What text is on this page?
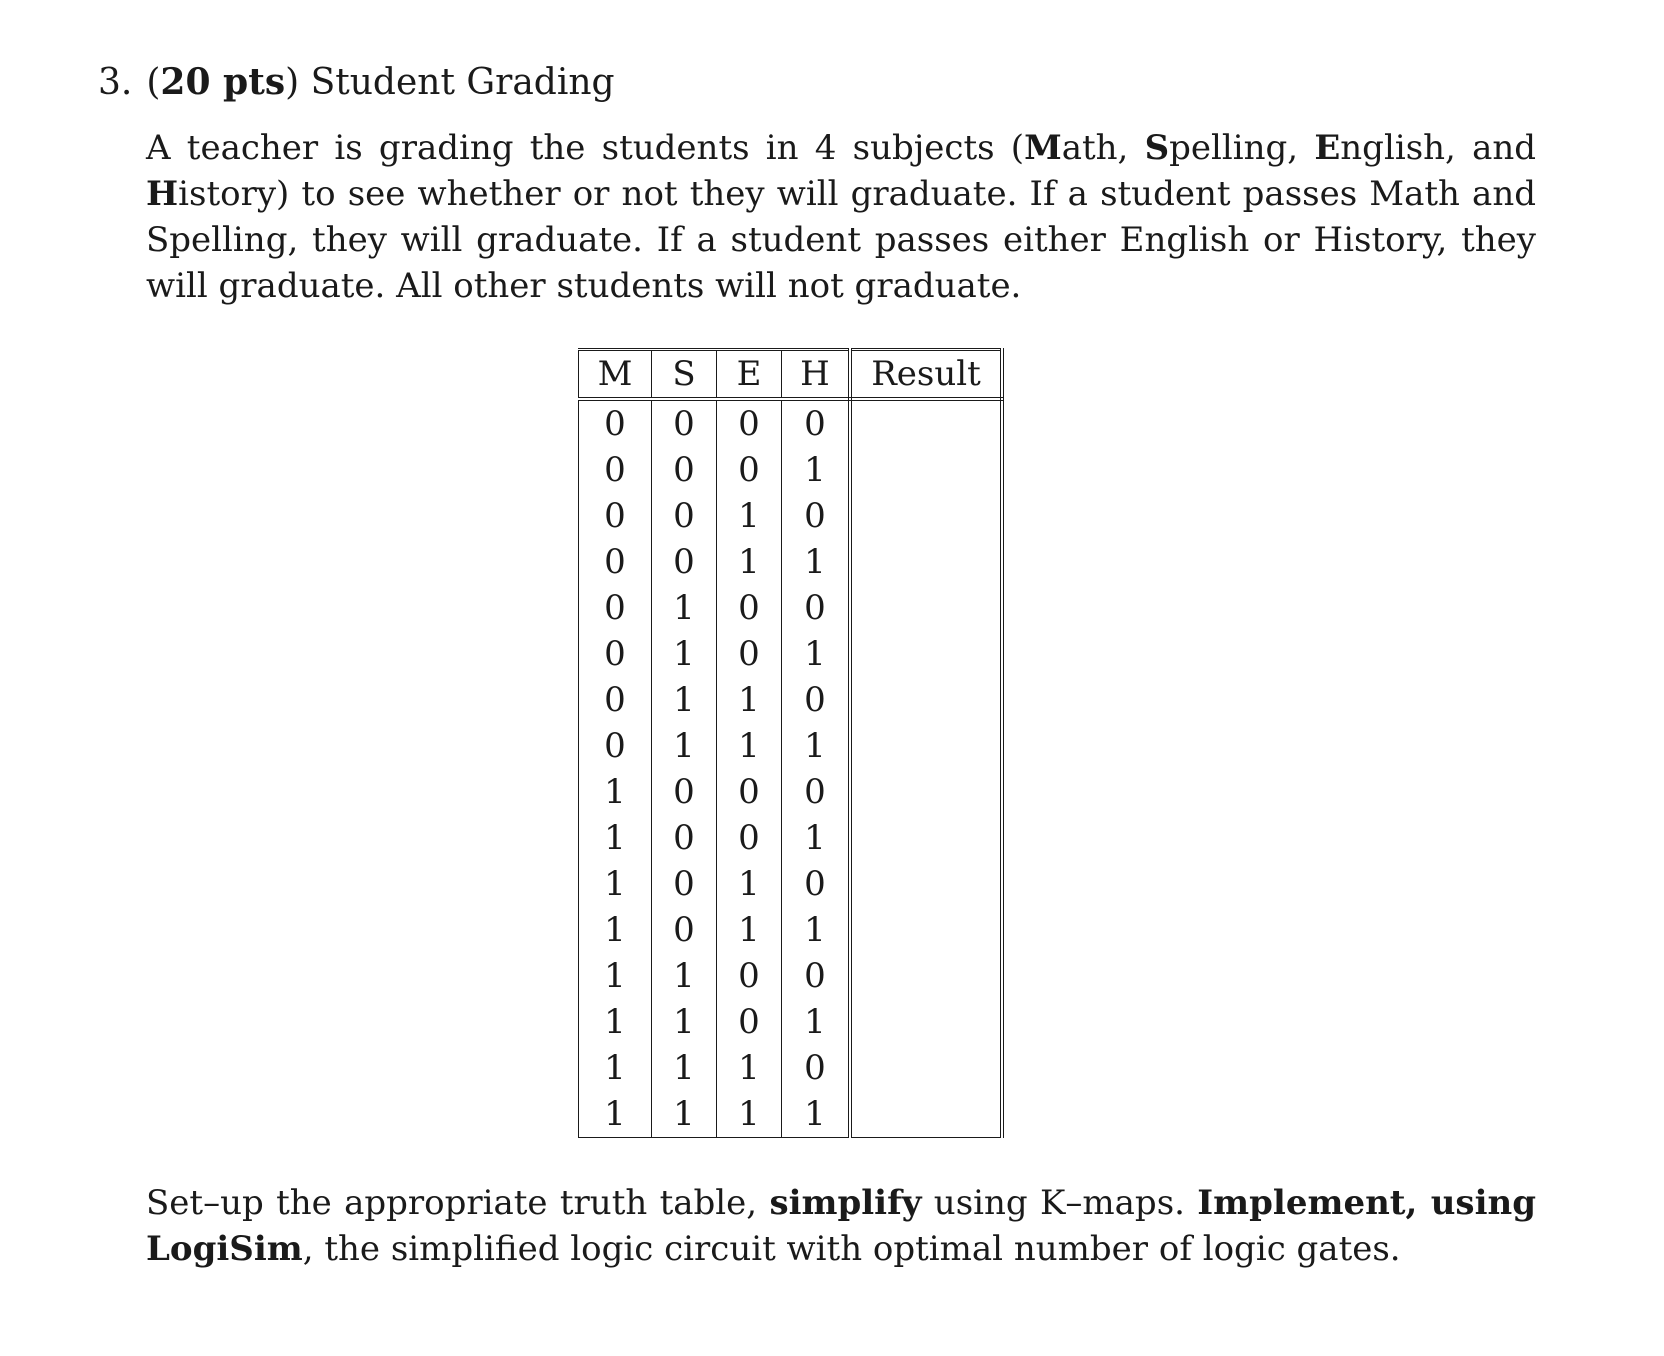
3. (20 pts) Student Grading

A teacher is grading the students in 4 subjects (Math, Spelling, English, and History) to see whether or not they will graduate. If a student passes Math and Spelling, they will graduate. If a student passes either English or History, they will graduate. All other students will not graduate.

M	S	E	H	Result
0	0	0	0	
0	0	0	1	
0	0	1	0	
0	0	1	1	
0	1	0	0	
0	1	0	1	
0	1	1	0	
0	1	1	1	
1	0	0	0	
1	0	0	1	
1	0	1	0	
1	0	1	1	
1	1	0	0	
1	1	0	1	
1	1	1	0	
1	1	1	1	

Set–up the appropriate truth table, simplify using K–maps. Implement, using LogiSim, the simplified logic circuit with optimal number of logic gates.
